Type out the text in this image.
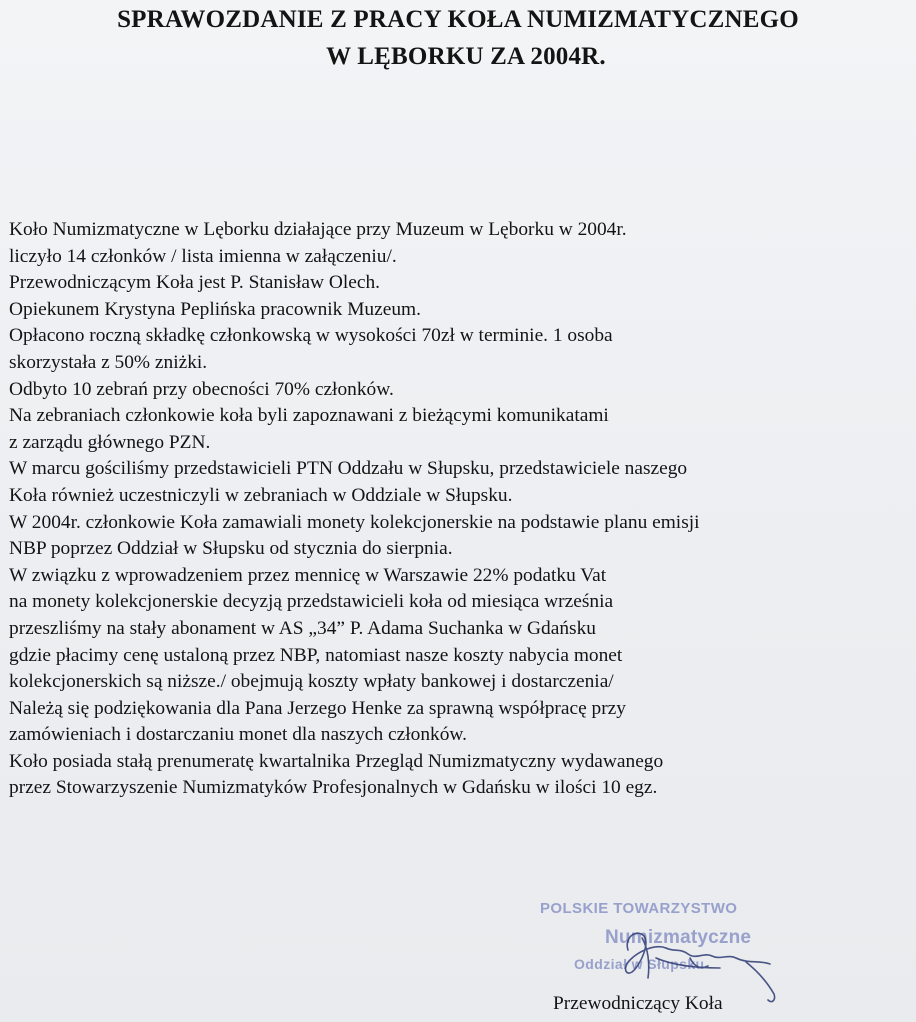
SPRAWOZDANIE Z PRACY KOŁA NUMIZMATYCZNEGO
W LĘBORKU ZA 2004R.
Koło Numizmatyczne w Lęborku działające przy Muzeum w Lęborku w 2004r.
liczyło 14 członków / lista imienna w załączeniu/.
Przewodniczącym Koła jest P. Stanisław Olech.
Opiekunem Krystyna Peplińska pracownik Muzeum.
Opłacono roczną składkę członkowską w wysokości 70zł w terminie. 1 osoba
skorzystała z 50% zniżki.
Odbyto 10 zebrań przy obecności 70% członków.
Na zebraniach członkowie koła byli zapoznawani z bieżącymi komunikatami
z zarządu głównego PZN.
W marcu gościliśmy przedstawicieli PTN Oddzału w Słupsku, przedstawiciele naszego
Koła również uczestniczyli w zebraniach w Oddziale w Słupsku.
W 2004r. członkowie Koła zamawiali monety kolekcjonerskie na podstawie planu emisji
NBP poprzez Oddział w Słupsku od stycznia do sierpnia.
W związku z wprowadzeniem przez mennicę w Warszawie 22% podatku Vat
na monety kolekcjonerskie decyzją przedstawicieli koła od miesiąca września
przeszliśmy na stały abonament w AS „34” P. Adama Suchanka w Gdańsku
gdzie płacimy cenę ustaloną przez NBP, natomiast nasze koszty nabycia monet
kolekcjonerskich są niższe./ obejmują koszty wpłaty bankowej i dostarczenia/
Należą się podziękowania dla Pana Jerzego Henke za sprawną współpracę przy
zamówieniach i dostarczaniu monet dla naszych członków.
Koło posiada stałą prenumeratę kwartalnika Przegląd Numizmatyczny wydawanego
przez Stowarzyszenie Numizmatyków Profesjonalnych w Gdańsku w ilości 10 egz.
POLSKIE TOWARZYSTWO
Numizmatyczne
Oddział w Słupsku
Przewodniczący Koła
